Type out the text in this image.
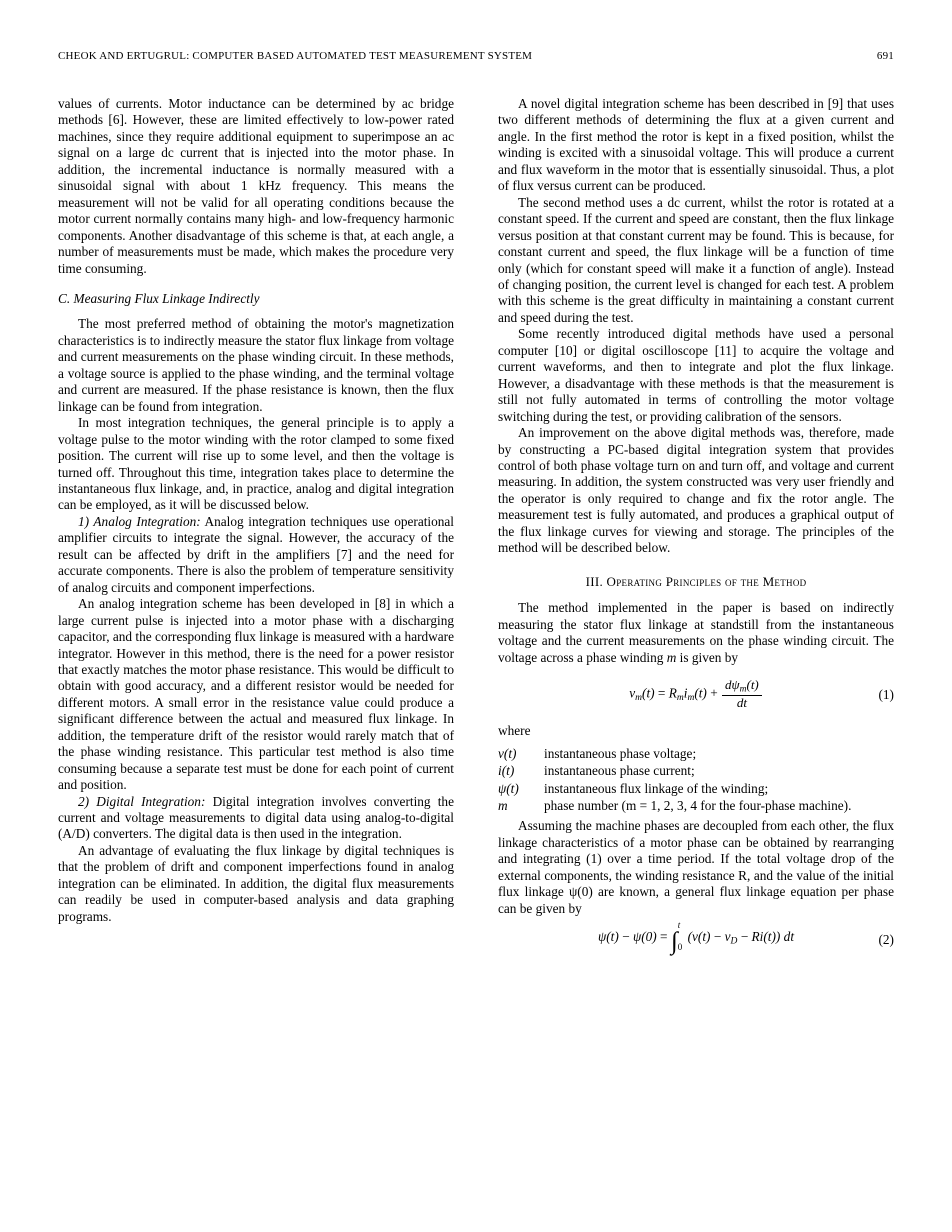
CHEOK AND ERTUGRUL: COMPUTER BASED AUTOMATED TEST MEASUREMENT SYSTEM	691

values of currents. Motor inductance can be determined by ac bridge methods [6]. However, these are limited effectively to low-power rated machines, since they require additional equipment to superimpose an ac signal on a large dc current that is injected into the motor phase. In addition, the incremental inductance is normally measured with a sinusoidal signal with about 1 kHz frequency. This means the measurement will not be valid for all operating conditions because the motor current normally contains many high- and low-frequency harmonic components. Another disadvantage of this scheme is that, at each angle, a number of measurements must be made, which makes the procedure very time consuming.

C. Measuring Flux Linkage Indirectly

The most preferred method of obtaining the motor's magnetization characteristics is to indirectly measure the stator flux linkage from voltage and current measurements on the phase winding circuit. In these methods, a voltage source is applied to the phase winding, and the terminal voltage and current are measured. If the phase resistance is known, then the flux linkage can be found from integration.

In most integration techniques, the general principle is to apply a voltage pulse to the motor winding with the rotor clamped to some fixed position. The current will rise up to some level, and then the voltage is turned off. Throughout this time, integration takes place to determine the instantaneous flux linkage, and, in practice, analog and digital integration can be employed, as it will be discussed below.

1) Analog Integration: Analog integration techniques use operational amplifier circuits to integrate the signal. However, the accuracy of the result can be affected by drift in the amplifiers [7] and the need for accurate components. There is also the problem of temperature sensitivity of analog circuits and component imperfections.

An analog integration scheme has been developed in [8] in which a large current pulse is injected into a motor phase with a discharging capacitor, and the corresponding flux linkage is measured with a hardware integrator. However in this method, there is the need for a power resistor that exactly matches the motor phase resistance. This would be difficult to obtain with good accuracy, and a different resistor would be needed for different motors. A small error in the resistance value could produce a significant difference between the actual and measured flux linkage. In addition, the temperature drift of the resistor would rarely match that of the phase winding resistance. This particular test method is also time consuming because a separate test must be done for each point of current and position.

2) Digital Integration: Digital integration involves converting the current and voltage measurements to digital data using analog-to-digital (A/D) converters. The digital data is then used in the integration.

An advantage of evaluating the flux linkage by digital techniques is that the problem of drift and component imperfections found in analog integration can be eliminated. In addition, the digital flux measurements can readily be used in computer-based analysis and data graphing programs.

A novel digital integration scheme has been described in [9] that uses two different methods of determining the flux at a given current and angle. In the first method the rotor is kept in a fixed position, whilst the winding is excited with a sinusoidal voltage. This will produce a current and flux waveform in the motor that is essentially sinusoidal. Thus, a plot of flux versus current can be produced.

The second method uses a dc current, whilst the rotor is rotated at a constant speed. If the current and speed are constant, then the flux linkage versus position at that constant current may be found. This is because, for constant current and speed, the flux linkage will be a function of time only (which for constant speed will make it a function of angle). Instead of changing position, the current level is changed for each test. A problem with this scheme is the great difficulty in maintaining a constant current and speed during the test.

Some recently introduced digital methods have used a personal computer [10] or digital oscilloscope [11] to acquire the voltage and current waveforms, and then to integrate and plot the flux linkage. However, a disadvantage with these methods is that the measurement is still not fully automated in terms of controlling the motor voltage switching during the test, or providing calibration of the sensors.

An improvement on the above digital methods was, therefore, made by constructing a PC-based digital integration system that provides control of both phase voltage turn on and turn off, and voltage and current measuring. In addition, the system constructed was very user friendly and the operator is only required to change and fix the rotor angle. The measurement test is fully automated, and produces a graphical output of the flux linkage curves for viewing and storage. The principles of the method will be described below.

III. Operating Principles of the Method

The method implemented in the paper is based on indirectly measuring the stator flux linkage at standstill from the instantaneous voltage and the current measurements on the phase winding circuit. The voltage across a phase winding m is given by

vm(t) = Rmim(t) + $\frac{\text{dψm(t)}}{dt}$	(1)

where

v(t)	instantaneous phase voltage;
i(t)	instantaneous phase current;
ψ(t)	instantaneous flux linkage of the winding;
m	phase number (m = 1, 2, 3, 4 for the four-phase machine).

Assuming the machine phases are decoupled from each other, the flux linkage characteristics of a motor phase can be obtained by rearranging and integrating (1) over a time period. If the total voltage drop of the external components, the winding resistance R, and the value of the initial flux linkage ψ(0) are known, a general flux linkage equation per phase can be given by

ψ(t) − ψ(0) = ∫
t
0
(v(t) − vD − Ri(t)) dt	(2)
